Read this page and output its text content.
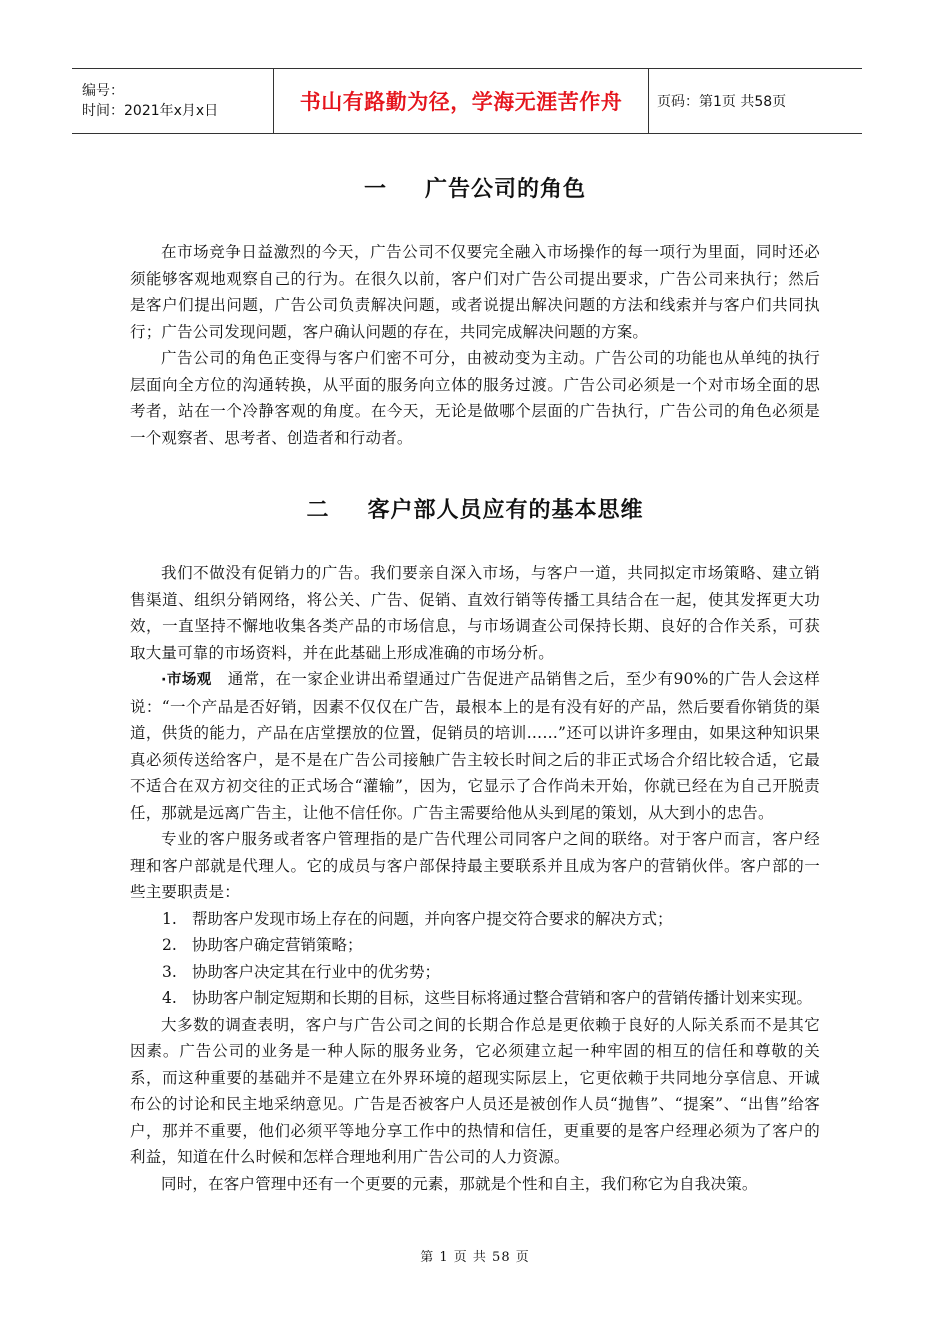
编号：
时间：2021年x月x日	书山有路勤为径，学海无涯苦作舟	页码：第1页 共58页
一 广告公司的角色

在市场竞争日益激烈的今天，广告公司不仅要完全融入市场操作的每一项行为里面，同时还必须能够客观地观察自己的行为。在很久以前，客户们对广告公司提出要求，广告公司来执行；然后是客户们提出问题，广告公司负责解决问题，或者说提出解决问题的方法和线索并与客户们共同执行；广告公司发现问题，客户确认问题的存在，共同完成解决问题的方案。

广告公司的角色正变得与客户们密不可分，由被动变为主动。广告公司的功能也从单纯的执行层面向全方位的沟通转换，从平面的服务向立体的服务过渡。广告公司必须是一个对市场全面的思考者，站在一个冷静客观的角度。在今天，无论是做哪个层面的广告执行，广告公司的角色必须是一个观察者、思考者、创造者和行动者。

二 客户部人员应有的基本思维

我们不做没有促销力的广告。我们要亲自深入市场，与客户一道，共同拟定市场策略、建立销售渠道、组织分销网络，将公关、广告、促销、直效行销等传播工具结合在一起，使其发挥更大功效，一直坚持不懈地收集各类产品的市场信息，与市场调查公司保持长期、良好的合作关系，可获取大量可靠的市场资料，并在此基础上形成准确的市场分析。

·市场观 通常，在一家企业讲出希望通过广告促进产品销售之后，至少有90%的广告人会这样说：“一个产品是否好销，因素不仅仅在广告，最根本上的是有没有好的产品，然后要看你销货的渠道，供货的能力，产品在店堂摆放的位置，促销员的培训……”还可以讲许多理由，如果这种知识果真必须传送给客户，是不是在广告公司接触广告主较长时间之后的非正式场合介绍比较合适，它最不适合在双方初交往的正式场合“灌输”，因为，它显示了合作尚未开始，你就已经在为自己开脱责任，那就是远离广告主，让他不信任你。广告主需要给他从头到尾的策划，从大到小的忠告。

专业的客户服务或者客户管理指的是广告代理公司同客户之间的联络。对于客户而言，客户经理和客户部就是代理人。它的成员与客户部保持最主要联系并且成为客户的营销伙伴。客户部的一些主要职责是：

1. 帮助客户发现市场上存在的问题，并向客户提交符合要求的解决方式；
2. 协助客户确定营销策略；
3. 协助客户决定其在行业中的优劣势；
4. 协助客户制定短期和长期的目标，这些目标将通过整合营销和客户的营销传播计划来实现。

大多数的调查表明，客户与广告公司之间的长期合作总是更依赖于良好的人际关系而不是其它因素。广告公司的业务是一种人际的服务业务，它必须建立起一种牢固的相互的信任和尊敬的关系，而这种重要的基础并不是建立在外界环境的超现实际层上，它更依赖于共同地分享信息、开诚布公的讨论和民主地采纳意见。广告是否被客户人员还是被创作人员“抛售”、“提案”、“出售”给客户，那并不重要，他们必须平等地分享工作中的热情和信任，更重要的是客户经理必须为了客户的利益，知道在什么时候和怎样合理地利用广告公司的人力资源。

同时，在客户管理中还有一个更要的元素，那就是个性和自主，我们称它为自我决策。

第 1 页 共 58 页
